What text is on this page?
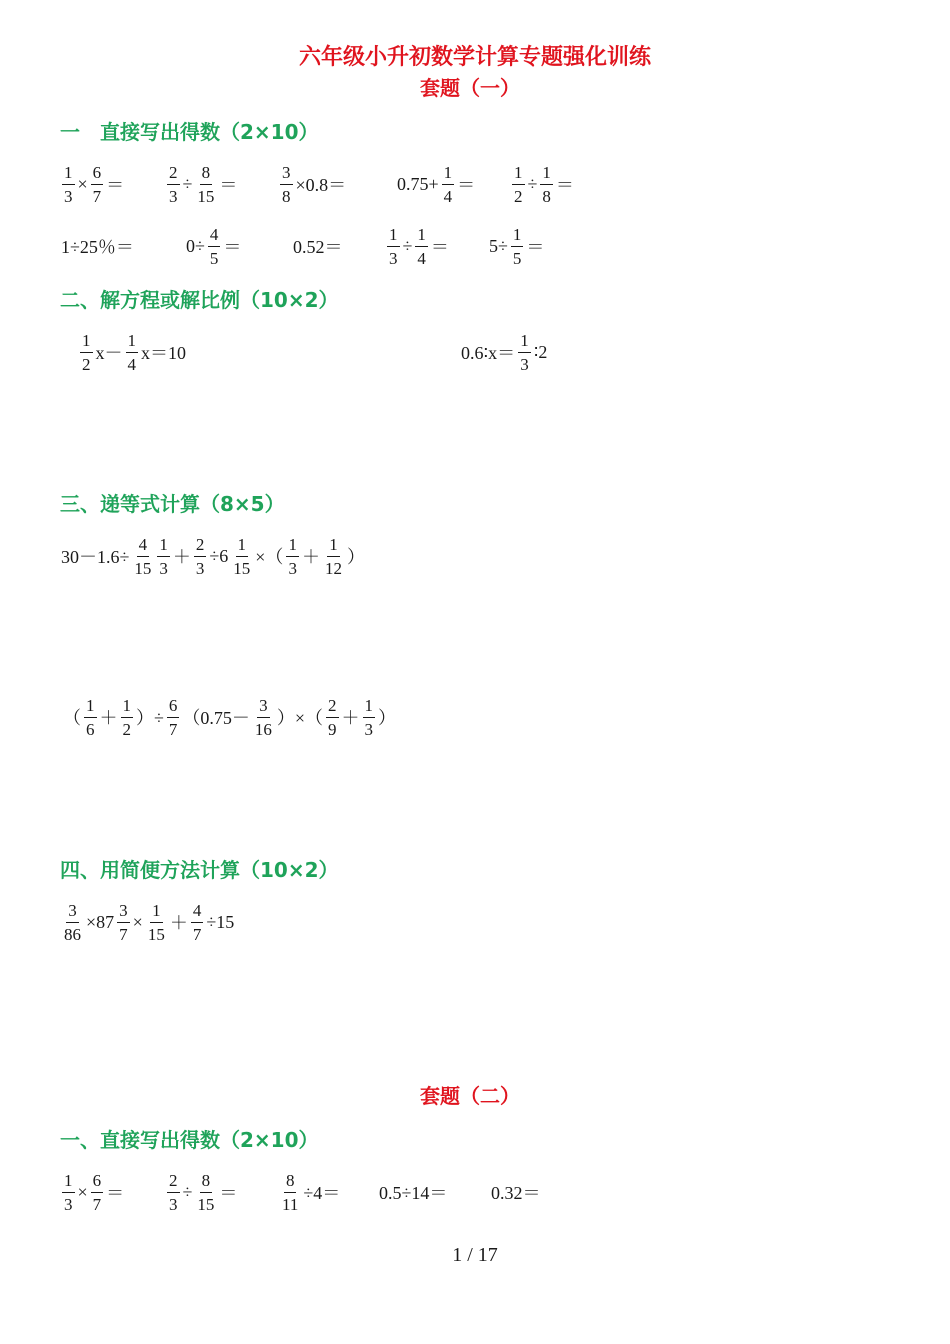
六年级小升初数学计算专题强化训练
套题（一）
一　直接写出得数（2×10）
$\frac{1}{3} \times \frac{6}{7}$ ＝	$\frac{2}{3} \div \frac{8}{15}$ ＝	$\frac{3}{8} \times 0.8=$	$0.75+ \frac{1}{4} = \frac{1}{2} \div \frac{1}{8}$ ＝
1÷25％＝	$0\div \frac{4}{5}$ ＝	0.52＝	$\frac{1}{3} \div \frac{1}{4} = 5\div \frac{1}{5}$ ＝
二、解方程或解比例（10×2）
$\frac{1}{2} x- \frac{1}{4} x=10$	0.6∶x＝ $\frac{1}{3}$ ∶2
三、递等式计算（8×5）
$30-1.6\div \frac{4}{15} \frac{1}{3} + \frac{2}{3} \div 6 \frac{1}{15}$ ×（ $\frac{1}{3} + \frac{1}{12}$ ）
（ $\frac{1}{6} + \frac{1}{2}$ ）÷ $\frac{6}{7} (0.75- \frac{3}{16}$ ）×（ $\frac{2}{9} + \frac{1}{3}$ ）
四、用简便方法计算（10×2）
$\frac{3}{86} \times 87 \frac{3}{7} \times \frac{1}{15} + \frac{4}{7} \div 15$
套题（二）
一、直接写出得数（2×10）
$\frac{1}{3} \times \frac{6}{7}$ ＝	$\frac{2}{3} \div \frac{8}{15}$ ＝	$\frac{8}{11} \div 4= 0.5\div 14= 0.32=$
1 / 17
